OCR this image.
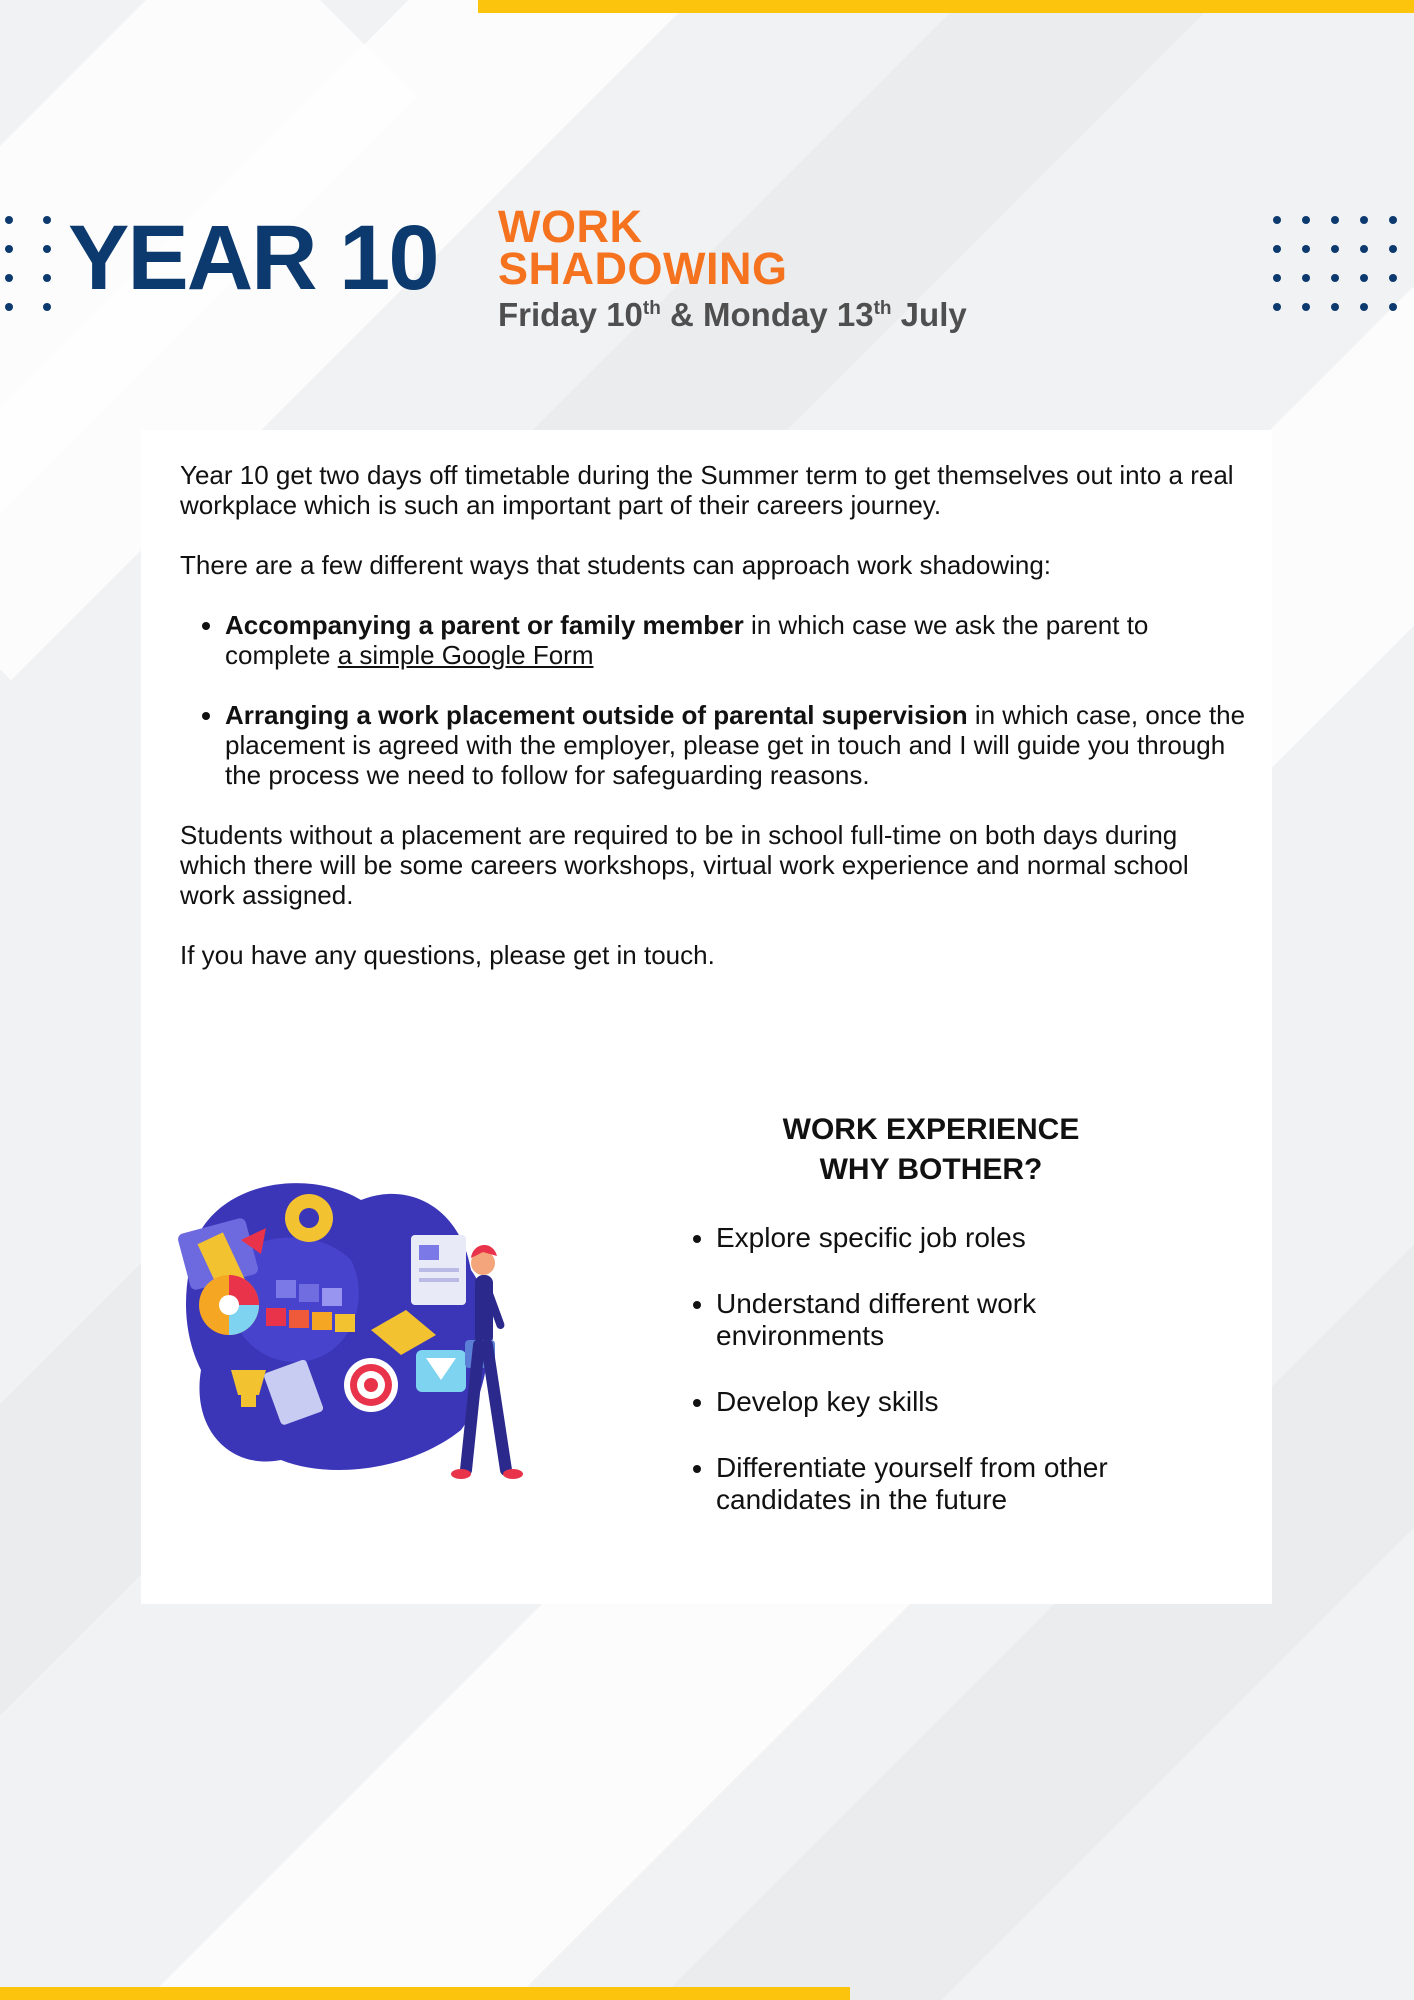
YEAR 10 WORK
SHADOWING
Friday 10th & Monday 13th July

Year 10 get two days off timetable during the Summer term to get themselves out into a real workplace which is such an important part of their careers journey.

There are a few different ways that students can approach work shadowing:

• Accompanying a parent or family member in which case we ask the parent to complete a simple Google Form
• Arranging a work placement outside of parental supervision in which case, once the placement is agreed with the employer, please get in touch and I will guide you through the process we need to follow for safeguarding reasons.

Students without a placement are required to be in school full-time on both days during which there will be some careers workshops, virtual work experience and normal school work assigned.

If you have any questions, please get in touch.

WORK EXPERIENCE
WHY BOTHER?
• Explore specific job roles
• Understand different work environments
• Develop key skills
• Differentiate yourself from other candidates in the future
